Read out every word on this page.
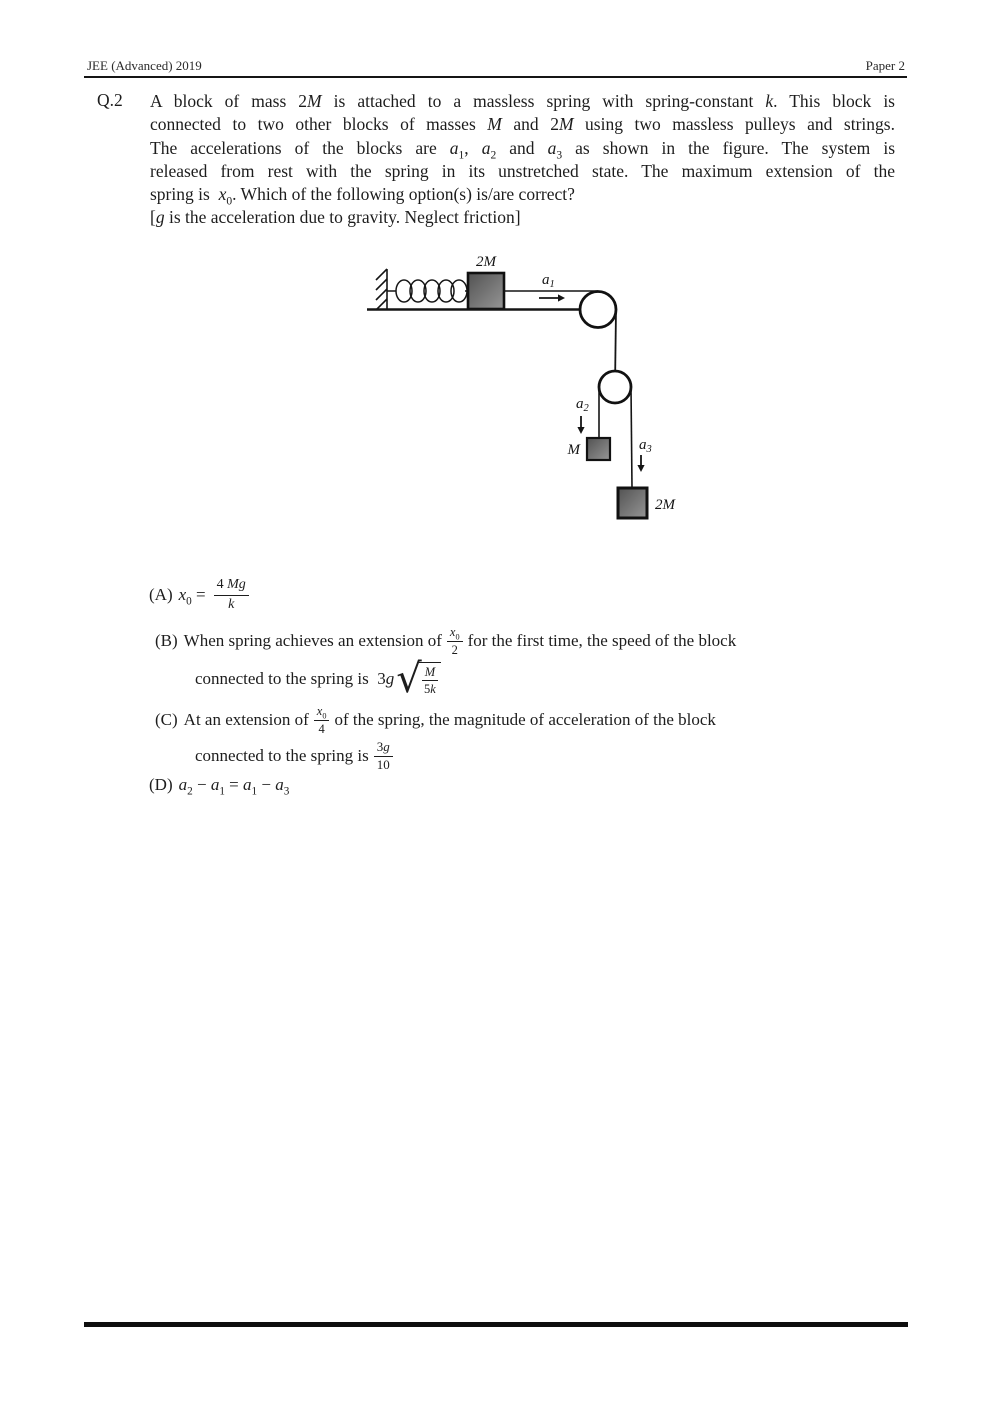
JEE (Advanced) 2019	Paper 2
Q.2 A block of mass 2M is attached to a massless spring with spring-constant k. This block is
connected to two other blocks of masses M and 2M using two massless pulleys and strings.
The accelerations of the blocks are $a_1$, $a_2$ and $a_3$ as shown in the figure. The system is
released from rest with the spring in its unstretched state. The maximum extension of the
spring is  $x_0$. Which of the following option(s) is/are correct?
[g is the acceleration due to gravity. Neglect friction]
2M
$a_1$
$a_2$
M	$a_3$
2M
(A) $x_0 = \frac{4 Mg}{k}$
(B) When spring achieves an extension of $\frac{x_0}{2}$ for the first time, the speed of the block
connected to the spring is  3g √ $\frac{M}{5k}$
(C) At an extension of $\frac{x_0}{4}$ of the spring, the magnitude of acceleration of the block
connected to the spring is $\frac{3g}{10}$
(D) $a_2 - a_1 = a_1 - a_3$
